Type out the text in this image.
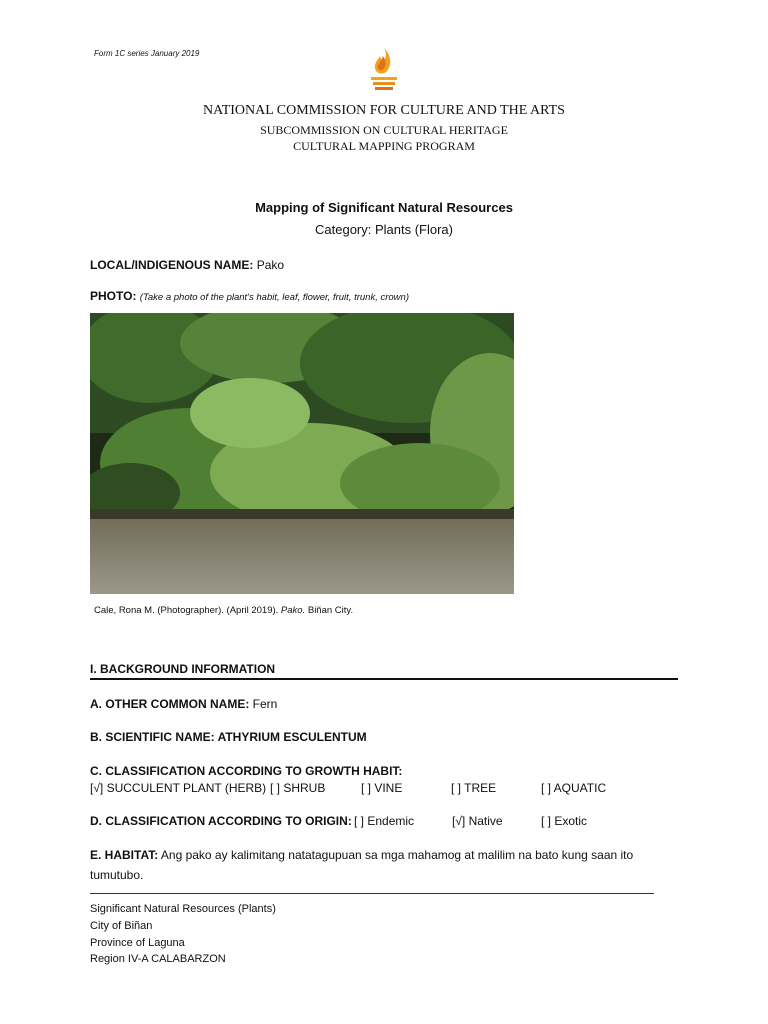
Form 1C series January 2019
NATIONAL COMMISSION FOR CULTURE AND THE ARTS
SUBCOMMISSION ON CULTURAL HERITAGE
CULTURAL MAPPING PROGRAM
Mapping of Significant Natural Resources
Category: Plants (Flora)
LOCAL/INDIGENOUS NAME: Pako
PHOTO: (Take a photo of the plant's habit, leaf, flower, fruit, trunk, crown)
Cale, Rona M. (Photographer). (April 2019). Pako. Biñan City.
I. BACKGROUND INFORMATION
A. OTHER COMMON NAME: Fern
B. SCIENTIFIC NAME: ATHYRIUM ESCULENTUM
C. CLASSIFICATION ACCORDING TO GROWTH HABIT:
[√] SUCCULENT PLANT (HERB) [ ] SHRUB	[ ] VINE	[ ] TREE	[ ] AQUATIC
D. CLASSIFICATION ACCORDING TO ORIGIN: [ ] Endemic	[√] Native	[ ] Exotic
E. HABITAT: Ang pako ay kalimitang natatagupuan sa mga mahamog at malilim na bato kung saan ito
tumutubo.
Significant Natural Resources (Plants)
City of Biñan
Province of Laguna
Region IV-A CALABARZON
